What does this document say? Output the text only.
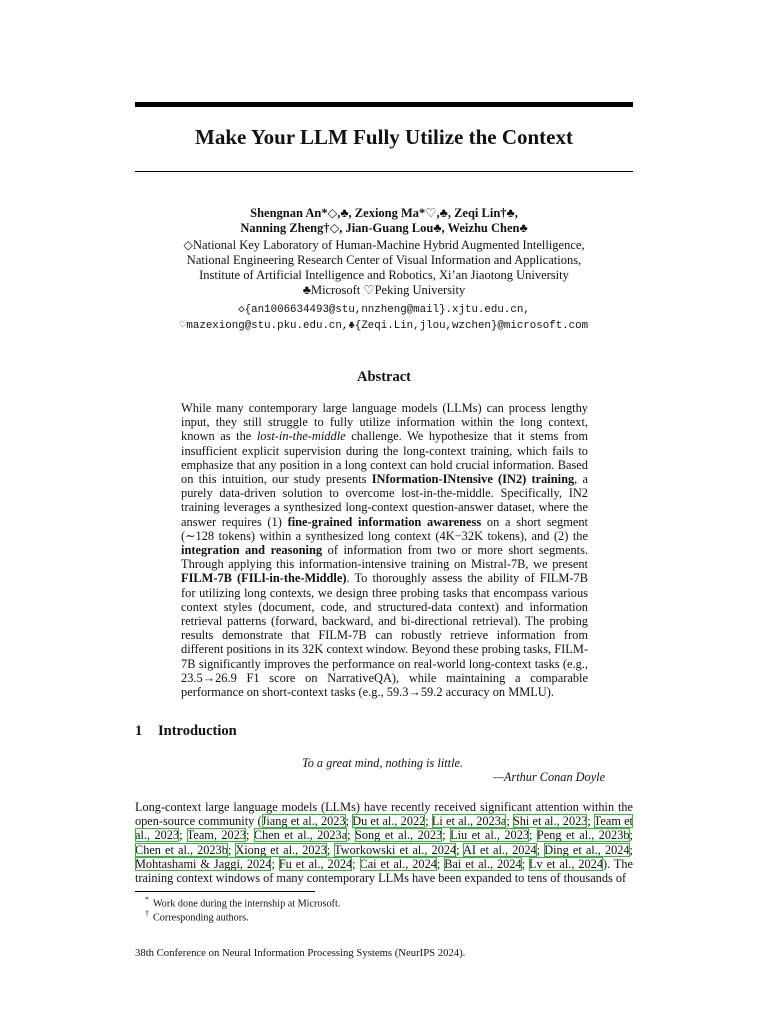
Make Your LLM Fully Utilize the Context
Shengnan An*◇,♣, Zexiong Ma*♡,♣, Zeqi Lin†♣,
Nanning Zheng†◇, Jian-Guang Lou♣, Weizhu Chen♣
◇National Key Laboratory of Human-Machine Hybrid Augmented Intelligence,
National Engineering Research Center of Visual Information and Applications,
Institute of Artificial Intelligence and Robotics, Xi’an Jiaotong University
♣Microsoft ♡Peking University
◇{an1006634493@stu,nnzheng@mail}.xjtu.edu.cn,
♡mazexiong@stu.pku.edu.cn,♣{Zeqi.Lin,jlou,wzchen}@microsoft.com
Abstract
While many contemporary large language models (LLMs) can process lengthy input, they still struggle to fully utilize information within the long context, known as the lost-in-the-middle challenge. We hypothesize that it stems from insufficient explicit supervision during the long-context training, which fails to emphasize that any position in a long context can hold crucial information. Based on this intuition, our study presents INformation-INtensive (IN2) training, a purely data-driven solution to overcome lost-in-the-middle. Specifically, IN2 training leverages a synthesized long-context question-answer dataset, where the answer requires (1) fine-grained information awareness on a short segment (∼128 tokens) within a synthesized long context (4K−32K tokens), and (2) the integration and reasoning of information from two or more short segments. Through applying this information-intensive training on Mistral-7B, we present FILM-7B (FILl-in-the-Middle). To thoroughly assess the ability of FILM-7B for utilizing long contexts, we design three probing tasks that encompass various context styles (document, code, and structured-data context) and information retrieval patterns (forward, backward, and bi-directional retrieval). The probing results demonstrate that FILM-7B can robustly retrieve information from different positions in its 32K context window. Beyond these probing tasks, FILM-7B significantly improves the performance on real-world long-context tasks (e.g., 23.5→26.9 F1 score on NarrativeQA), while maintaining a comparable performance on short-context tasks (e.g., 59.3→59.2 accuracy on MMLU).
1 Introduction
To a great mind, nothing is little.
—Arthur Conan Doyle
Long-context large language models (LLMs) have recently received significant attention within the open-source community (Jiang et al., 2023; Du et al., 2022; Li et al., 2023a; Shi et al., 2023; Team et al., 2023; Team, 2023; Chen et al., 2023a; Song et al., 2023; Liu et al., 2023; Peng et al., 2023b; Chen et al., 2023b; Xiong et al., 2023; Tworkowski et al., 2024; AI et al., 2024; Ding et al., 2024; Mohtashami & Jaggi, 2024; Fu et al., 2024; Cai et al., 2024; Bai et al., 2024; Lv et al., 2024). The training context windows of many contemporary LLMs have been expanded to tens of thousands of
* Work done during the internship at Microsoft.
† Corresponding authors.
38th Conference on Neural Information Processing Systems (NeurIPS 2024).
